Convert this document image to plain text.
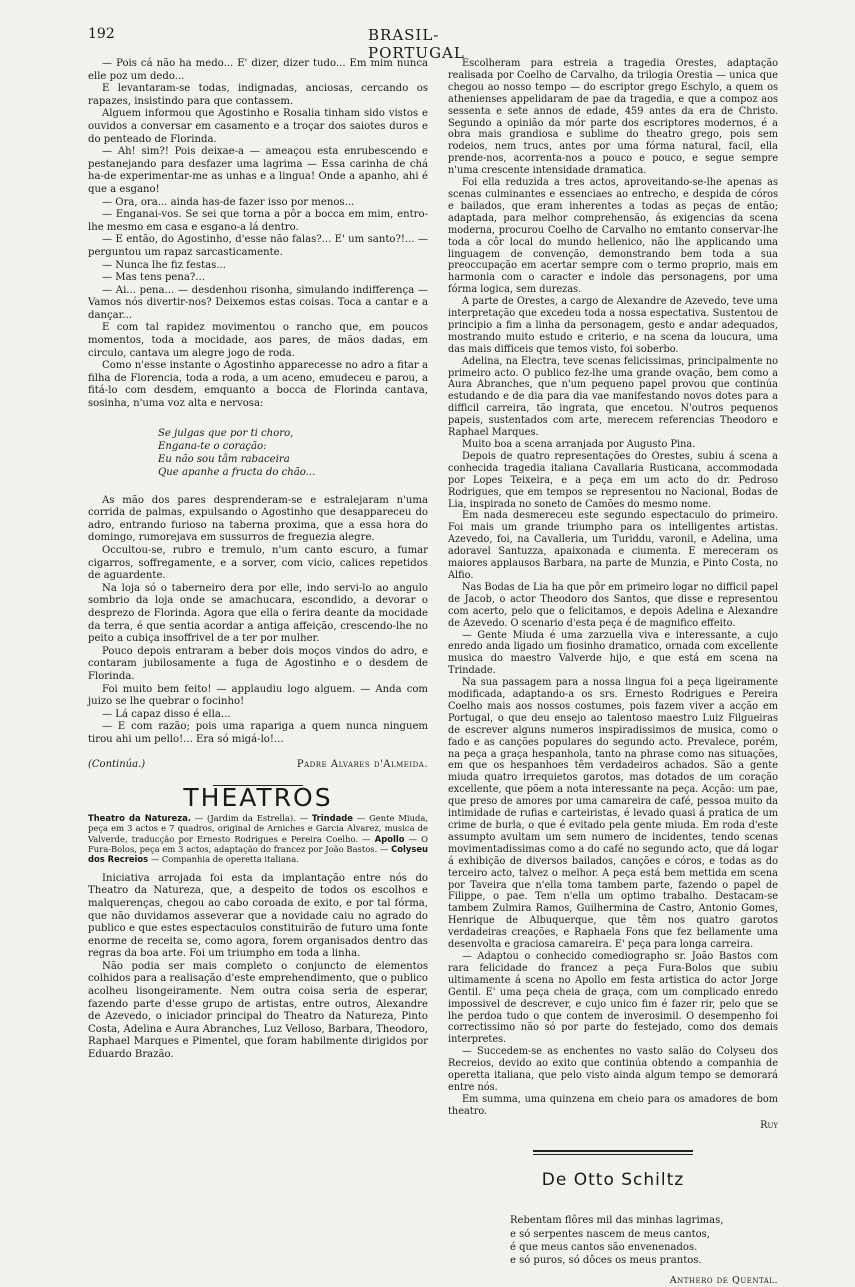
192	BRASIL-PORTUGAL

— Pois cá não ha medo... E' dizer, dizer tudo... Em mim nunca elle poz um dedo...

E levantaram-se todas, indignadas, anciosas, cercando os rapazes, insistindo para que contassem.

Alguem informou que Agostinho e Rosalia tinham sido vistos e ouvidos a conversar em casamento e a troçar dos saiotes duros e do penteado de Florinda.

— Ah! sim?! Pois deixae-a — ameaçou esta enrubescendo e pestanejando para desfazer uma lagrima — Essa carinha de chá ha-de experimentar-me as unhas e a lingua! Onde a apanho, ahi é que a esgano!

— Ora, ora... ainda has-de fazer isso por menos...

— Enganai-vos. Se sei que torna a pôr a bocca em mim, entro-lhe mesmo em casa e esgano-a lá dentro.

— E então, do Agostinho, d'esse não falas?... E' um santo?!... — perguntou um rapaz sarcasticamente.

— Nunca lhe fiz festas...

— Mas tens pena?...

— Ai... pena... — desdenhou risonha, simulando indifferença — Vamos nós divertir-nos? Deixemos estas coisas. Toca a cantar e a dançar...

E com tal rapidez movimentou o rancho que, em poucos momentos, toda a mocidade, aos pares, de mãos dadas, em circulo, cantava um alegre jogo de roda.

Como n'esse instante o Agostinho apparecesse no adro a fitar a filha de Florencia, toda a roda, a um aceno, emudeceu e parou, a fitá-lo com desdem, emquanto a bocca de Florinda cantava, sosinha, n'uma voz alta e nervosa:

Se julgas que por ti choro,
Engana-te o coração:
Eu não sou tâm rabaceira
Que apanhe a fructa do chão...

As mão dos pares desprenderam-se e estralejaram n'uma corrida de palmas, expulsando o Agostinho que desappareceu do adro, entrando furioso na taberna proxima, que a essa hora do domingo, rumorejava em sussurros de freguezia alegre.

Occultou-se, rubro e tremulo, n'um canto escuro, a fumar cigarros, soffregamente, e a sorver, com vicio, calices repetidos de aguardente.

Na loja só o taberneiro dera por elle, indo servi-lo ao angulo sombrio da loja onde se amachucara, escondido, a devorar o desprezo de Florinda. Agora que ella o ferira deante da mocidade da terra, é que sentia acordar a antiga affeição, crescendo-lhe no peito a cubiça insoffrivel de a ter por mulher.

Pouco depois entraram a beber dois moços vindos do adro, e contaram jubilosamente a fuga de Agostinho e o desdem de Florinda.

Foi muito bem feito! — applaudiu logo alguem. — Anda com juizo se lhe quebrar o focinho!

— Lá capaz disso é ella...

— E com razão; pois uma rapariga a quem nunca ninguem tirou ahi um pello!... Era só migá-lo!...

(Continúa.)	Padre Alvares d'Almeida.
THEATROS

Theatro da Natureza. — (Jardim da Estrella). — Trindade — Gente Miuda, peça em 3 actos e 7 quadros, original de Arniches e Garcia Alvarez, musica de Valverde, traducção por Ernesto Rodrigues e Pereira Coelho. — Apollo — O Fura-Bolos, peça em 3 actos, adaptação do francez por João Bastos. — Colyseu dos Recreios — Companhia de operetta italiana.

Iniciativa arrojada foi esta da implantação entre nós do Theatro da Natureza, que, a despeito de todos os escolhos e malquerenças, chegou ao cabo coroada de exito, e por tal fórma, que não duvidamos asseverar que a novidade caiu no agrado do publico e que estes espectaculos constituirão de futuro uma fonte enorme de receita se, como agora, forem organisados dentro das regras da boa arte. Foi um triumpho em toda a linha.

Não podia ser mais completo o conjuncto de elementos colhidos para a realisação d'este emprehendimento, que o publico acolheu lisongeiramente. Nem outra coisa seria de esperar, fazendo parte d'esse grupo de artistas, entre outros, Alexandre de Azevedo, o iniciador principal do Theatro da Natureza, Pinto Costa, Adelina e Aura Abranches, Luz Velloso, Barbara, Theodoro, Raphael Marques e Pimentel, que foram habilmente dirigidos por Eduardo Brazão.

Escolheram para estreia a tragedia Orestes, adaptação realisada por Coelho de Carvalho, da trilogia Orestia — unica que chegou ao nosso tempo — do escriptor grego Eschylo, a quem os athenienses appelidaram de pae da tragedia, e que a compoz aos sessenta e sete annos de edade, 459 antes da era de Christo. Segundo a opinião da mór parte dos escriptores modernos, é a obra mais grandiosa e sublime do theatro grego, pois sem rodeios, nem trucs, antes por uma fórma natural, facil, ella prende-nos, acorrenta-nos a pouco e pouco, e segue sempre n'uma crescente intensidade dramatica.

Foi ella reduzida a tres actos, aproveitando-se-lhe apenas as scenas culminantes e essenciaes ao entrecho, e despida de córos e bailados, que eram inherentes a todas as peças de então; adaptada, para melhor comprehensão, ás exigencias da scena moderna, procurou Coelho de Carvalho no emtanto conservar-lhe toda a côr local do mundo hellenico, não lhe applicando uma linguagem de convenção, demonstrando bem toda a sua preoccupação em acertar sempre com o termo proprio, mais em harmonia com o caracter e indole das personagens, por uma fórma logica, sem durezas.

A parte de Orestes, a cargo de Alexandre de Azevedo, teve uma interpretação que excedeu toda a nossa espectativa. Sustentou de principio a fim a linha da personagem, gesto e andar adequados, mostrando muito estudo e criterio, e na scena da loucura, uma das mais difficeis que temos visto, foi soberbo.

Adelina, na Electra, teve scenas felicissimas, principalmente no primeiro acto. O publico fez-lhe uma grande ovação, bem como a Aura Abranches, que n'um pequeno papel provou que continúa estudando e de dia para dia vae manifestando novos dotes para a difficil carreira, tão ingrata, que encetou. N'outros pequenos papeis, sustentados com arte, merecem referencias Theodoro e Raphael Marques.

Muito boa a scena arranjada por Augusto Pina.

Depois de quatro representações do Orestes, subiu á scena a conhecida tragedia italiana Cavallaria Rusticana, accommodada por Lopes Teixeira, e a peça em um acto do dr. Pedroso Rodrigues, que em tempos se representou no Nacional, Bodas de Lia, inspirada no soneto de Camões do mesmo nome.

Em nada desmereceu este segundo espectaculo do primeiro. Foi mais um grande triumpho para os intelligentes artistas. Azevedo, foi, na Cavalleria, um Turiddu, varonil, e Adelina, uma adoravel Santuzza, apaixonada e ciumenta. E mereceram os maiores applausos Barbara, na parte de Munzia, e Pinto Costa, no Alfio.

Nas Bodas de Lia ha que pôr em primeiro logar no difficil papel de Jacob, o actor Theodoro dos Santos, que disse e representou com acerto, pelo que o felicitamos, e depois Adelina e Alexandre de Azevedo. O scenario d'esta peça é de magnifico effeito.

— Gente Miuda é uma zarzuella viva e interessante, a cujo enredo anda ligado um fiosinho dramatico, ornada com excellente musica do maestro Valverde hijo, e que está em scena na Trindade.

Na sua passagem para a nossa lingua foi a peça ligeiramente modificada, adaptando-a os srs. Ernesto Rodrigues e Pereira Coelho mais aos nossos costumes, pois fazem viver a acção em Portugal, o que deu ensejo ao talentoso maestro Luiz Filgueiras de escrever alguns numeros inspiradissimos de musica, como o fado e as canções populares do segundo acto. Prevalece, porém, na peça a graça hespanhola, tanto na phrase como nas situações, em que os hespanhoes têm verdadeiros achados. São a gente miuda quatro irrequietos garotos, mas dotados de um coração excellente, que põem a nota interessante na peça. Acção: um pae, que preso de amores por uma camareira de café, pessoa muito da intimidade de rufias e carteiristas, é levado quasi á pratica de um crime de burla, o que é evitado pela gente miuda. Em roda d'este assumpto avultam um sem numero de incidentes, tendo scenas movimentadissimas como a do café no segundo acto, que dá logar á exhibição de diversos bailados, canções e córos, e todas as do terceiro acto, talvez o melhor. A peça está bem mettida em scena por Taveira que n'ella toma tambem parte, fazendo o papel de Filippe, o pae. Tem n'ella um optimo trabalho. Destacam-se tambem Zulmira Ramos, Guilhermina de Castro, Antonio Gomes, Henrique de Albuquerque, que têm nos quatro garotos verdadeiras creações, e Raphaela Fons que fez bellamente uma desenvolta e graciosa camareira. E' peça para longa carreira.

— Adaptou o conhecido comediographo sr. João Bastos com rara felicidade do francez a peça Fura-Bolos que subiu ultimamente á scena no Apollo em festa artistica do actor Jorge Gentil. E' uma peça cheia de graça, com um complicado enredo impossivel de descrever, e cujo unico fim é fazer rir, pelo que se lhe perdoa tudo o que contem de inverosimil. O desempenho foi correctissimo não só por parte do festejado, como dos demais interpretes.

— Succedem-se as enchentes no vasto salão do Colyseu dos Recreios, devido ao exito que continúa obtendo a companhia de operetta italiana, que pelo visto ainda algum tempo se demorará entre nós.

Em summa, uma quinzena em cheio para os amadores de bom theatro.

Ruy
De Otto Schiltz
Rebentam flôres mil das minhas lagrimas,
e só serpentes nascem de meus cantos,
é que meus cantos são envenenados.
e só puros, só dôces os meus prantos.
Anthero de Quental.
